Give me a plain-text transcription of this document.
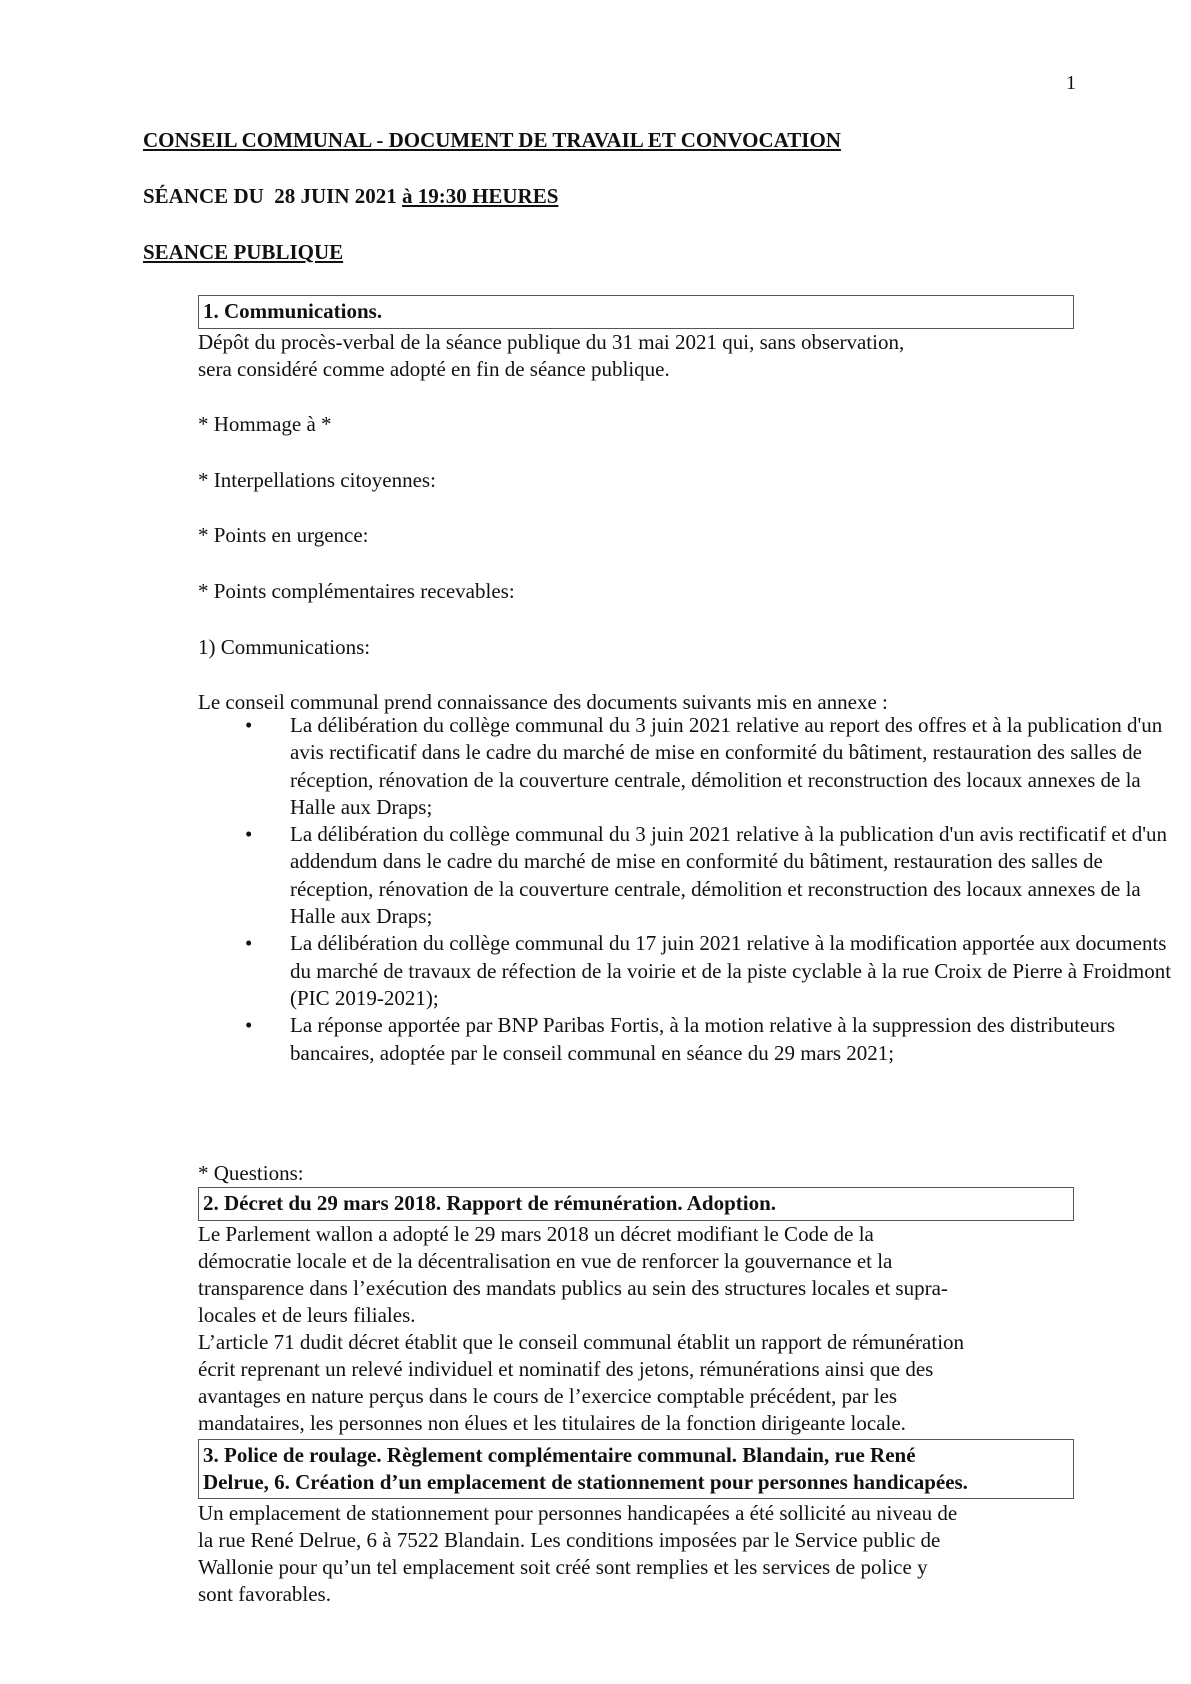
1
CONSEIL COMMUNAL - DOCUMENT DE TRAVAIL ET CONVOCATION
SÉANCE DU  28 JUIN 2021 à 19:30 HEURES
SEANCE PUBLIQUE
1. Communications.
Dépôt du procès-verbal de la séance publique du 31 mai 2021 qui, sans observation,
sera considéré comme adopté en fin de séance publique.
* Hommage à *
* Interpellations citoyennes:
* Points en urgence:
* Points complémentaires recevables:
1) Communications:
Le conseil communal prend connaissance des documents suivants mis en annexe :
• La délibération du collège communal du 3 juin 2021 relative au report des offres et à la publication d'un avis rectificatif dans le cadre du marché de mise en conformité du bâtiment, restauration des salles de réception, rénovation de la couverture centrale, démolition et reconstruction des locaux annexes de la Halle aux Draps;
• La délibération du collège communal du 3 juin 2021 relative à la publication d'un avis rectificatif et d'un addendum dans le cadre du marché de mise en conformité du bâtiment, restauration des salles de réception, rénovation de la couverture centrale, démolition et reconstruction des locaux annexes de la Halle aux Draps;
• La délibération du collège communal du 17 juin 2021 relative à la modification apportée aux documents du marché de travaux de réfection de la voirie et de la piste cyclable à la rue Croix de Pierre à Froidmont (PIC 2019-2021);
• La réponse apportée par BNP Paribas Fortis, à la motion relative à la suppression des distributeurs bancaires, adoptée par le conseil communal en séance du 29 mars 2021;
* Questions:
2. Décret du 29 mars 2018. Rapport de rémunération. Adoption.
Le Parlement wallon a adopté le 29 mars 2018 un décret modifiant le Code de la
démocratie locale et de la décentralisation en vue de renforcer la gouvernance et la
transparence dans l’exécution des mandats publics au sein des structures locales et supra-
locales et de leurs filiales.
L’article 71 dudit décret établit que le conseil communal établit un rapport de rémunération
écrit reprenant un relevé individuel et nominatif des jetons, rémunérations ainsi que des
avantages en nature perçus dans le cours de l’exercice comptable précédent, par les
mandataires, les personnes non élues et les titulaires de la fonction dirigeante locale.
3. Police de roulage. Règlement complémentaire communal. Blandain, rue René
Delrue, 6. Création d’un emplacement de stationnement pour personnes handicapées.
Un emplacement de stationnement pour personnes handicapées a été sollicité au niveau de
la rue René Delrue, 6 à 7522 Blandain. Les conditions imposées par le Service public de
Wallonie pour qu’un tel emplacement soit créé sont remplies et les services de police y
sont favorables.
